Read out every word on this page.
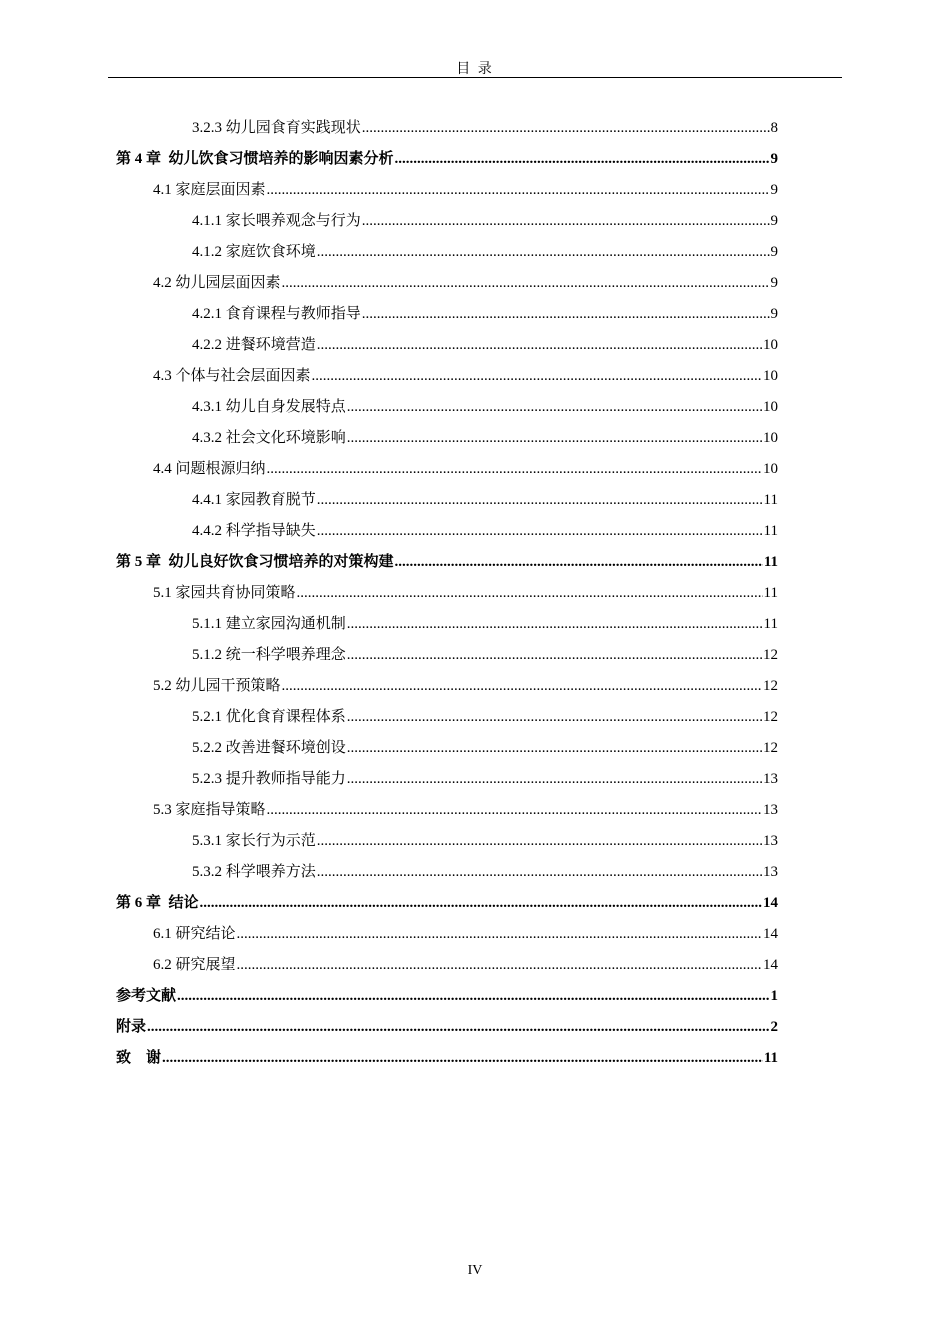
目 录
3.2.3 幼儿园食育实践现状 .....	8
第 4 章  幼儿饮食习惯培养的影响因素分析 .....	9
4.1 家庭层面因素 .....	9
4.1.1 家长喂养观念与行为 .....	9
4.1.2 家庭饮食环境 .....	9
4.2 幼儿园层面因素 .....	9
4.2.1 食育课程与教师指导 .....	9
4.2.2 进餐环境营造 .....	10
4.3 个体与社会层面因素 .....	10
4.3.1 幼儿自身发展特点 .....	10
4.3.2 社会文化环境影响 .....	10
4.4 问题根源归纳 .....	10
4.4.1 家园教育脱节 .....	11
4.4.2 科学指导缺失 .....	11
第 5 章  幼儿良好饮食习惯培养的对策构建 .....	11
5.1 家园共育协同策略 .....	11
5.1.1 建立家园沟通机制 .....	11
5.1.2 统一科学喂养理念 .....	12
5.2 幼儿园干预策略 .....	12
5.2.1 优化食育课程体系 .....	12
5.2.2 改善进餐环境创设 .....	12
5.2.3 提升教师指导能力 .....	13
5.3 家庭指导策略 .....	13
5.3.1 家长行为示范 .....	13
5.3.2 科学喂养方法 .....	13
第 6 章  结论 .....	14
6.1 研究结论 .....	14
6.2 研究展望 .....	14
参考文献 .....	1
附录 .....	2
致    谢 .....	11
IV
